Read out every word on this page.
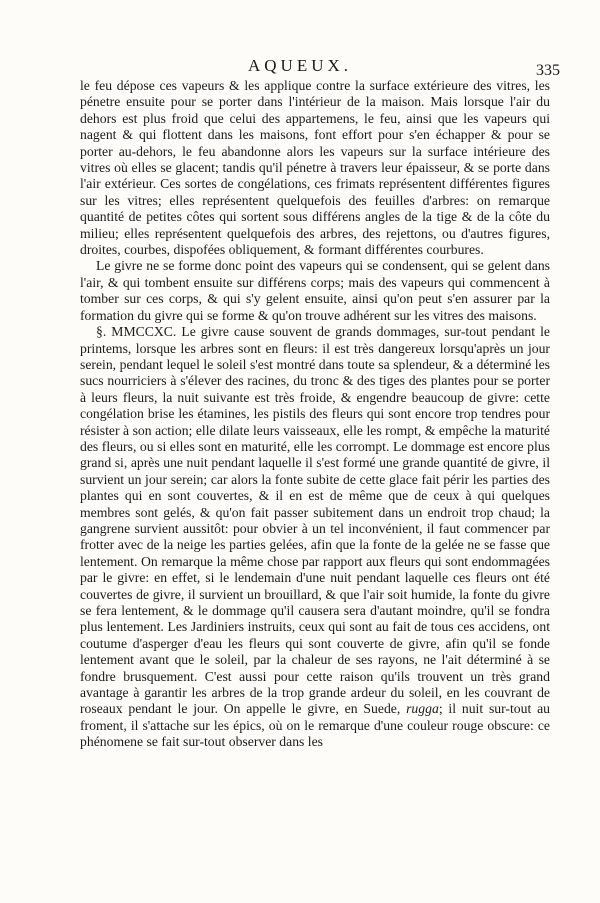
AQUEUX.	335

le feu dépose ces vapeurs & les applique contre la surface extérieure des vitres, les pénetre ensuite pour se porter dans l'intérieur de la maison. Mais lorsque l'air du dehors est plus froid que celui des appartemens, le feu, ainsi que les vapeurs qui nagent & qui flottent dans les maisons, font effort pour s'en échapper & pour se porter au-dehors, le feu abandonne alors les vapeurs sur la surface intérieure des vitres où elles se glacent; tandis qu'il pénetre à travers leur épaisseur, & se porte dans l'air extérieur. Ces sortes de congélations, ces frimats représentent différentes figures sur les vitres; elles représentent quelquefois des feuilles d'arbres: on remarque quantité de petites côtes qui sortent sous différens angles de la tige & de la côte du milieu; elles représentent quelquefois des arbres, des rejettons, ou d'autres figures, droites, courbes, dispofées obliquement, & formant différentes courbures.

Le givre ne se forme donc point des vapeurs qui se condensent, qui se gelent dans l'air, & qui tombent ensuite sur différens corps; mais des vapeurs qui commencent à tomber sur ces corps, & qui s'y gelent ensuite, ainsi qu'on peut s'en assurer par la formation du givre qui se forme & qu'on trouve adhérent sur les vitres des maisons.

§. MMCCXC. Le givre cause souvent de grands dommages, sur-tout pendant le printems, lorsque les arbres sont en fleurs: il est très dangereux lorsqu'après un jour serein, pendant lequel le soleil s'est montré dans toute sa splendeur, & a déterminé les sucs nourriciers à s'élever des racines, du tronc & des tiges des plantes pour se porter à leurs fleurs, la nuit suivante est très froide, & engendre beaucoup de givre: cette congélation brise les étamines, les pistils des fleurs qui sont encore trop tendres pour résister à son action; elle dilate leurs vaisseaux, elle les rompt, & empêche la maturité des fleurs, ou si elles sont en maturité, elle les corrompt. Le dommage est encore plus grand si, après une nuit pendant laquelle il s'est formé une grande quantité de givre, il survient un jour serein; car alors la fonte subite de cette glace fait périr les parties des plantes qui en sont couvertes, & il en est de même que de ceux à qui quelques membres sont gelés, & qu'on fait passer subitement dans un endroit trop chaud; la gangrene survient aussitôt: pour obvier à un tel inconvénient, il faut commencer par frotter avec de la neige les parties gelées, afin que la fonte de la gelée ne se fasse que lentement. On remarque la même chose par rapport aux fleurs qui sont endommagées par le givre: en effet, si le lendemain d'une nuit pendant laquelle ces fleurs ont été couvertes de givre, il survient un brouillard, & que l'air soit humide, la fonte du givre se fera lentement, & le dommage qu'il causera sera d'autant moindre, qu'il se fondra plus lentement. Les Jardiniers instruits, ceux qui sont au fait de tous ces accidens, ont coutume d'asperger d'eau les fleurs qui sont couverte de givre, afin qu'il se fonde lentement avant que le soleil, par la chaleur de ses rayons, ne l'ait déterminé à se fondre brusquement. C'est aussi pour cette raison qu'ils trouvent un très grand avantage à garantir les arbres de la trop grande ardeur du soleil, en les couvrant de roseaux pendant le jour. On appelle le givre, en Suede, rugga; il nuit sur-tout au froment, il s'attache sur les épics, où on le remarque d'une couleur rouge obscure: ce phénomene se fait sur-tout observer dans les
